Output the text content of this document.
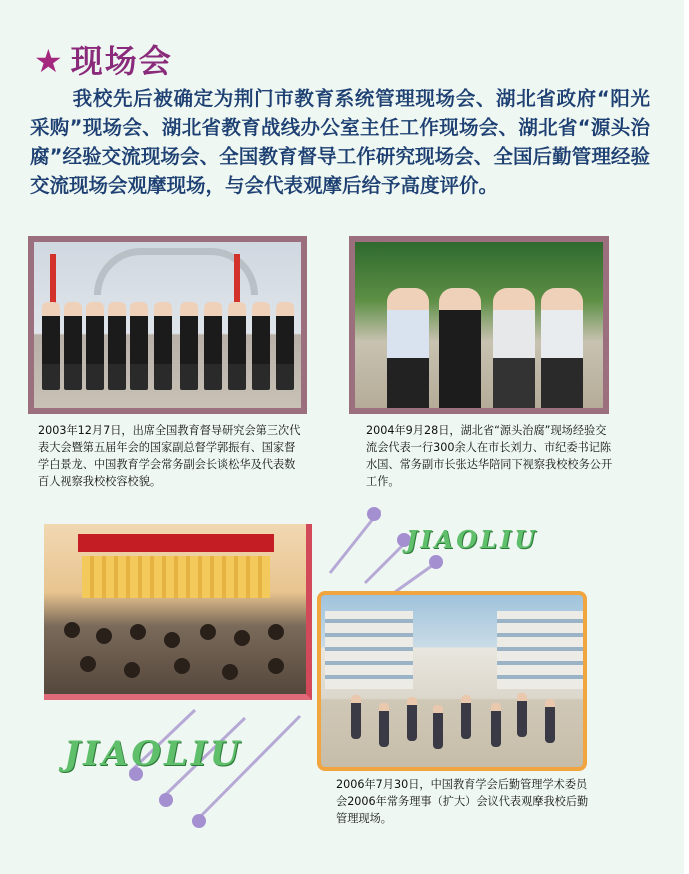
★ 现场会
我校先后被确定为荆门市教育系统管理现场会、湖北省政府“阳光采购”现场会、湖北省教育战线办公室主任工作现场会、湖北省“源头治腐”经验交流现场会、全国教育督导工作研究现场会、全国后勤管理经验交流现场会观摩现场，与会代表观摩后给予高度评价。
2003年12月7日，出席全国教育督导研究会第三次代表大会暨第五届年会的国家副总督学郭振有、国家督学白景龙、中国教育学会常务副会长谈松华及代表数百人视察我校校容校貌。
2004年9月28日，湖北省“源头治腐”现场经验交流会代表一行300余人在市长刘力、市纪委书记陈水国、常务副市长张达华陪同下视察我校校务公开工作。
JIAOLIU
2006年7月30日，中国教育学会后勤管理学术委员会2006年常务理事（扩大）会议代表观摩我校后勤管理现场。
JIAOLIU
